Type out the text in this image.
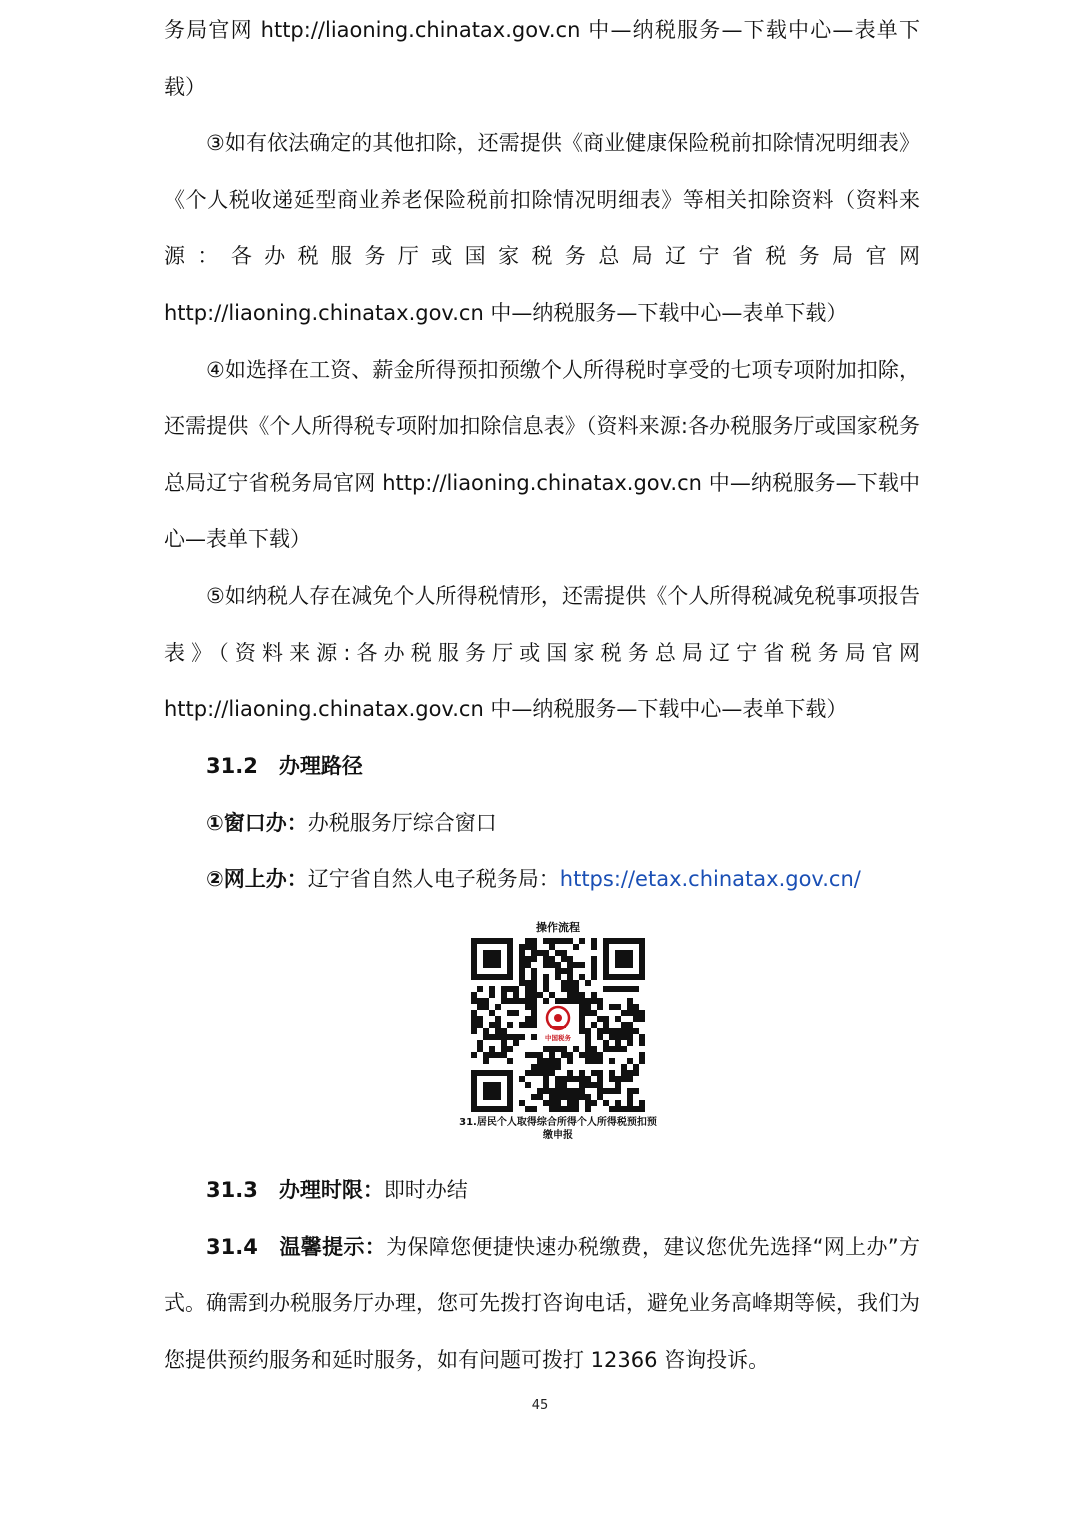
务局官网 http://liaoning.chinatax.gov.cn 中—纳税服务—下载中心—表单下载）

③如有依法确定的其他扣除，还需提供《商业健康保险税前扣除情况明细表》《个人税收递延型商业养老保险税前扣除情况明细表》等相关扣除资料（资料来源：各办税服务厅或国家税务总局辽宁省税务局官网 http://liaoning.chinatax.gov.cn 中—纳税服务—下载中心—表单下载）

④如选择在工资、薪金所得预扣预缴个人所得税时享受的七项专项附加扣除，还需提供《个人所得税专项附加扣除信息表》（资料来源:各办税服务厅或国家税务总局辽宁省税务局官网 http://liaoning.chinatax.gov.cn 中—纳税服务—下载中心—表单下载）

⑤如纳税人存在减免个人所得税情形，还需提供《个人所得税减免税事项报告表》（资料来源:各办税服务厅或国家税务总局辽宁省税务局官网 http://liaoning.chinatax.gov.cn 中—纳税服务—下载中心—表单下载）

31.2　办理路径

①窗口办：办税服务厅综合窗口

②网上办：辽宁省自然人电子税务局：https://etax.chinatax.gov.cn/

操作流程
中国税务
31.居民个人取得综合所得个人所得税预扣预
缴申报

31.3　办理时限：即时办结

31.4　温馨提示：为保障您便捷快速办税缴费，建议您优先选择“网上办”方式。确需到办税服务厅办理，您可先拨打咨询电话，避免业务高峰期等候，我们为您提供预约服务和延时服务，如有问题可拨打 12366 咨询投诉。

45
